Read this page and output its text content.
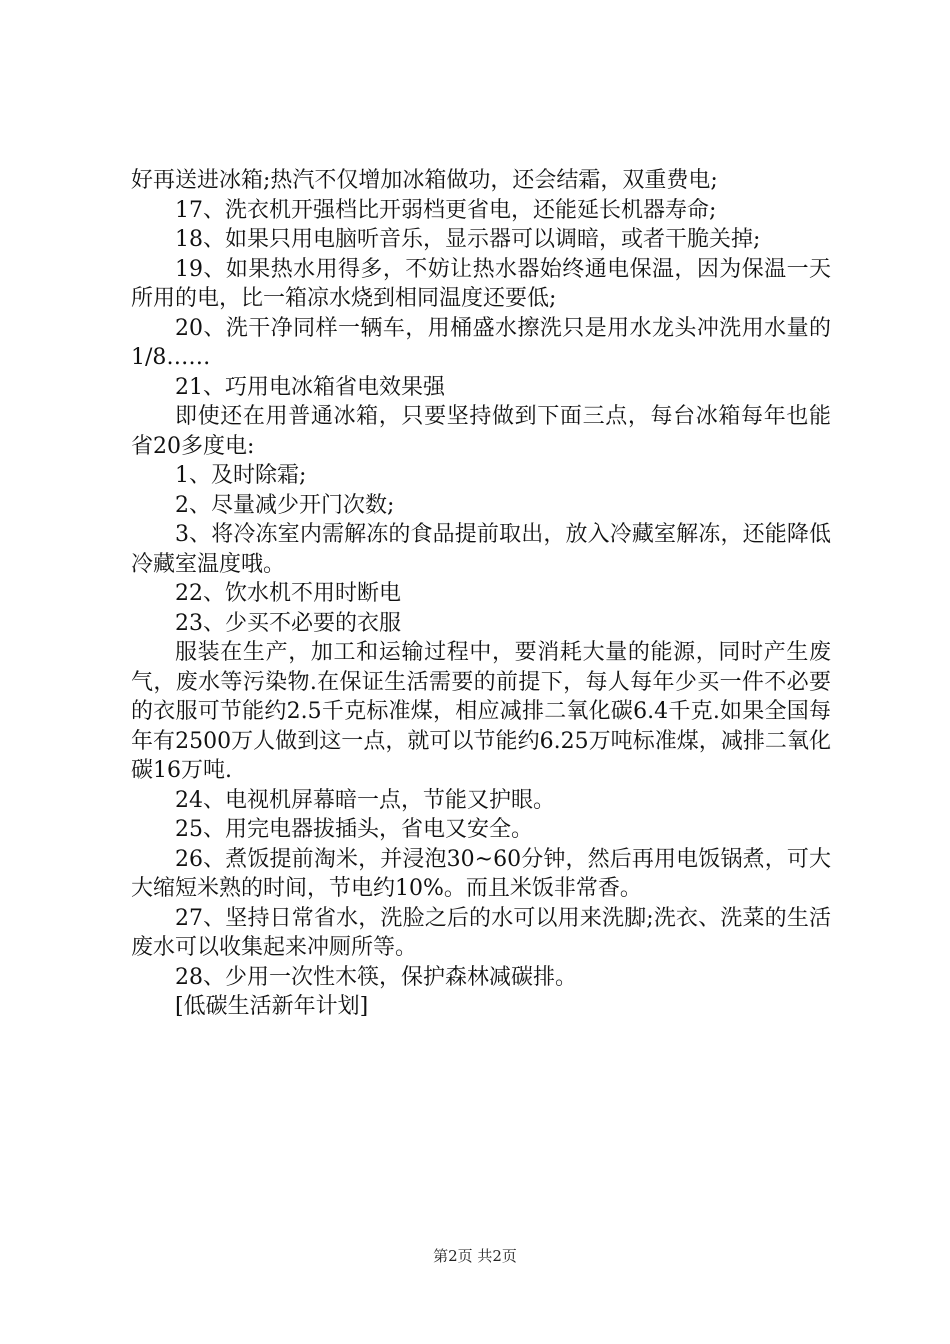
好再送进冰箱;热汽不仅增加冰箱做功，还会结霜，双重费电;

17、洗衣机开强档比开弱档更省电，还能延长机器寿命;

18、如果只用电脑听音乐，显示器可以调暗，或者干脆关掉;

19、如果热水用得多，不妨让热水器始终通电保温，因为保温一天所用的电，比一箱凉水烧到相同温度还要低;

20、洗干净同样一辆车，用桶盛水擦洗只是用水龙头冲洗用水量的1/8……

21、巧用电冰箱省电效果强

即使还在用普通冰箱，只要坚持做到下面三点，每台冰箱每年也能省20多度电:

1、及时除霜;

2、尽量减少开门次数;

3、将冷冻室内需解冻的食品提前取出，放入冷藏室解冻，还能降低冷藏室温度哦。

22、饮水机不用时断电

23、少买不必要的衣服

服装在生产，加工和运输过程中，要消耗大量的能源，同时产生废气，废水等污染物.在保证生活需要的前提下，每人每年少买一件不必要的衣服可节能约2.5千克标准煤，相应减排二氧化碳6.4千克.如果全国每年有2500万人做到这一点，就可以节能约6.25万吨标准煤，减排二氧化碳16万吨.

24、电视机屏幕暗一点，节能又护眼。

25、用完电器拔插头，省电又安全。

26、煮饭提前淘米，并浸泡30~60分钟，然后再用电饭锅煮，可大大缩短米熟的时间，节电约10%。而且米饭非常香。

27、坚持日常省水，洗脸之后的水可以用来洗脚;洗衣、洗菜的生活废水可以收集起来冲厕所等。

28、少用一次性木筷，保护森林减碳排。

[低碳生活新年计划]

第2页 共2页
